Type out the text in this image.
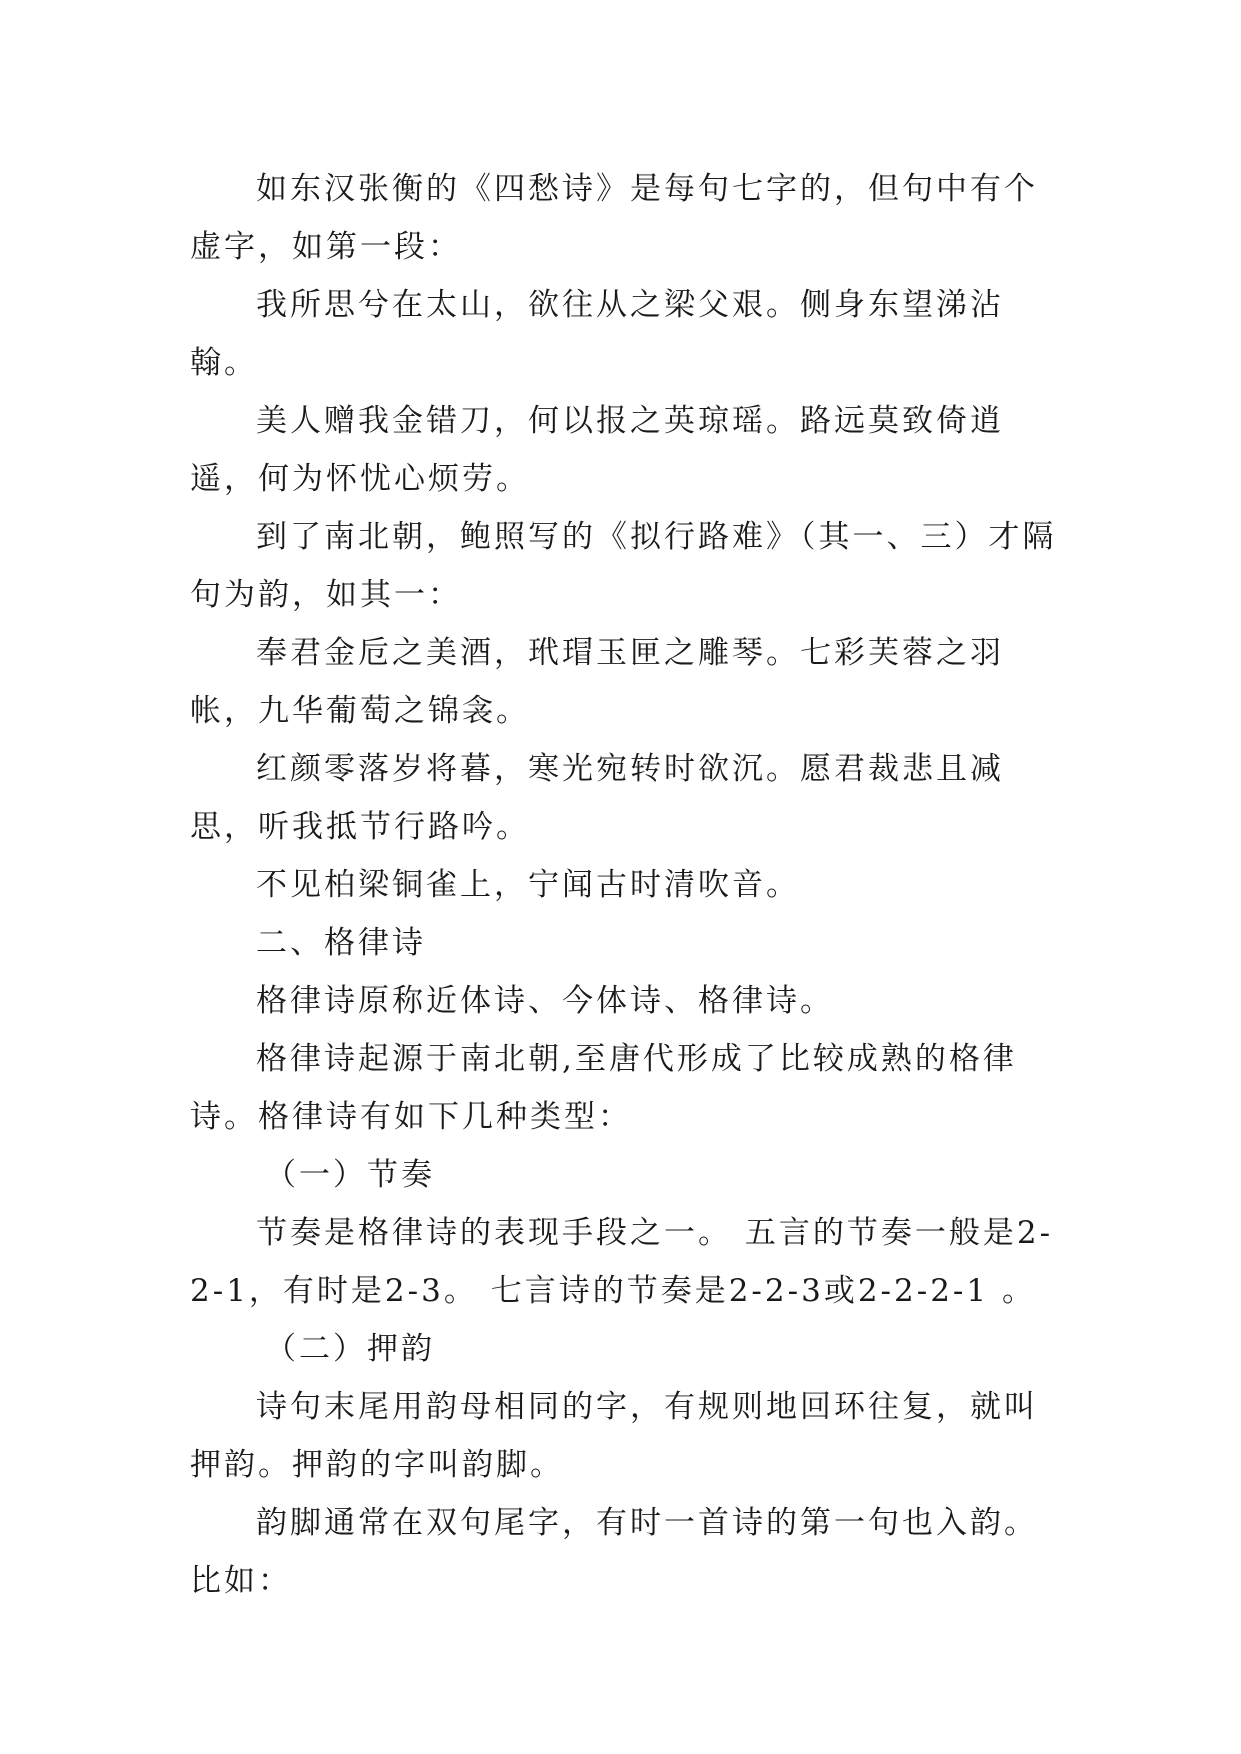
如东汉张衡的《四愁诗》是每句七字的，但句中有个虚字，如第一段：

我所思兮在太山，欲往从之梁父艰。侧身东望涕沾翰。

美人赠我金错刀，何以报之英琼瑶。路远莫致倚逍遥，何为怀忧心烦劳。

到了南北朝，鲍照写的《拟行路难》（其一、三）才隔句为韵，如其一：

奉君金卮之美酒，玳瑁玉匣之雕琴。七彩芙蓉之羽帐，九华葡萄之锦衾。

红颜零落岁将暮，寒光宛转时欲沉。愿君裁悲且减思，听我抵节行路吟。

不见柏梁铜雀上，宁闻古时清吹音。

二、格律诗

格律诗原称近体诗、今体诗、格律诗。

格律诗起源于南北朝,至唐代形成了比较成熟的格律诗。格律诗有如下几种类型：

（一）节奏

节奏是格律诗的表现手段之一。 五言的节奏一般是2-2-1，有时是2-3。 七言诗的节奏是2-2-3或2-2-2-1 。

（二）押韵

诗句末尾用韵母相同的字，有规则地回环往复，就叫押韵。押韵的字叫韵脚。

韵脚通常在双句尾字，有时一首诗的第一句也入韵。比如：
